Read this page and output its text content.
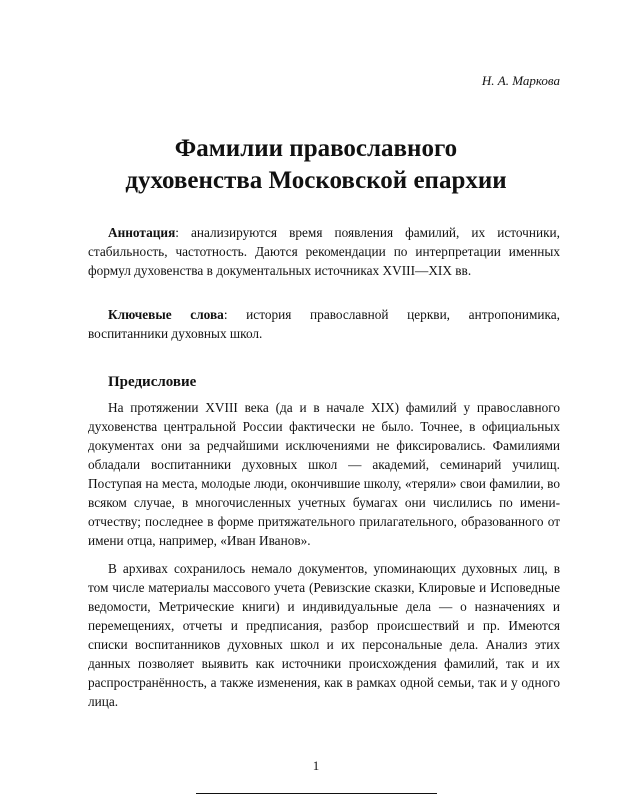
Н. А. Маркова
Фамилии православного
духовенства Московской епархии

Аннотация: анализируются время появления фамилий, их источники, стабильность, частотность. Даются рекомендации по интерпретации именных формул духовенства в документальных источниках XVIII—XIX вв.

Ключевые слова: история православной церкви, антропонимика, воспитанники духовных школ.

Предисловие

На протяжении XVIII века (да и в начале XIX) фамилий у православного духовенства центральной России фактически не было. Точнее, в официальных документах они за редчайшими исключениями не фиксировались. Фамилиями обладали воспитанники духовных школ — академий, семинарий училищ. Поступая на места, молодые люди, окончившие школу, «теряли» свои фамилии, во всяком случае, в многочисленных учетных бумагах они числились по имени-отчеству; последнее в форме притяжательного прилагательного, образованного от имени отца, например, «Иван Иванов».

В архивах сохранилось немало документов, упоминающих духовных лиц, в том числе материалы массового учета (Ревизские сказки, Клировые и Исповедные ведомости, Метрические книги) и индивидуальные дела — о назначениях и перемещениях, отчеты и предписания, разбор происшествий и пр. Имеются списки воспитанников духовных школ и их персональные дела. Анализ этих данных позволяет выявить как источники происхождения фамилий, так и их распространённость, а также изменения, как в рамках одной семьи, так и у одного лица.

1
